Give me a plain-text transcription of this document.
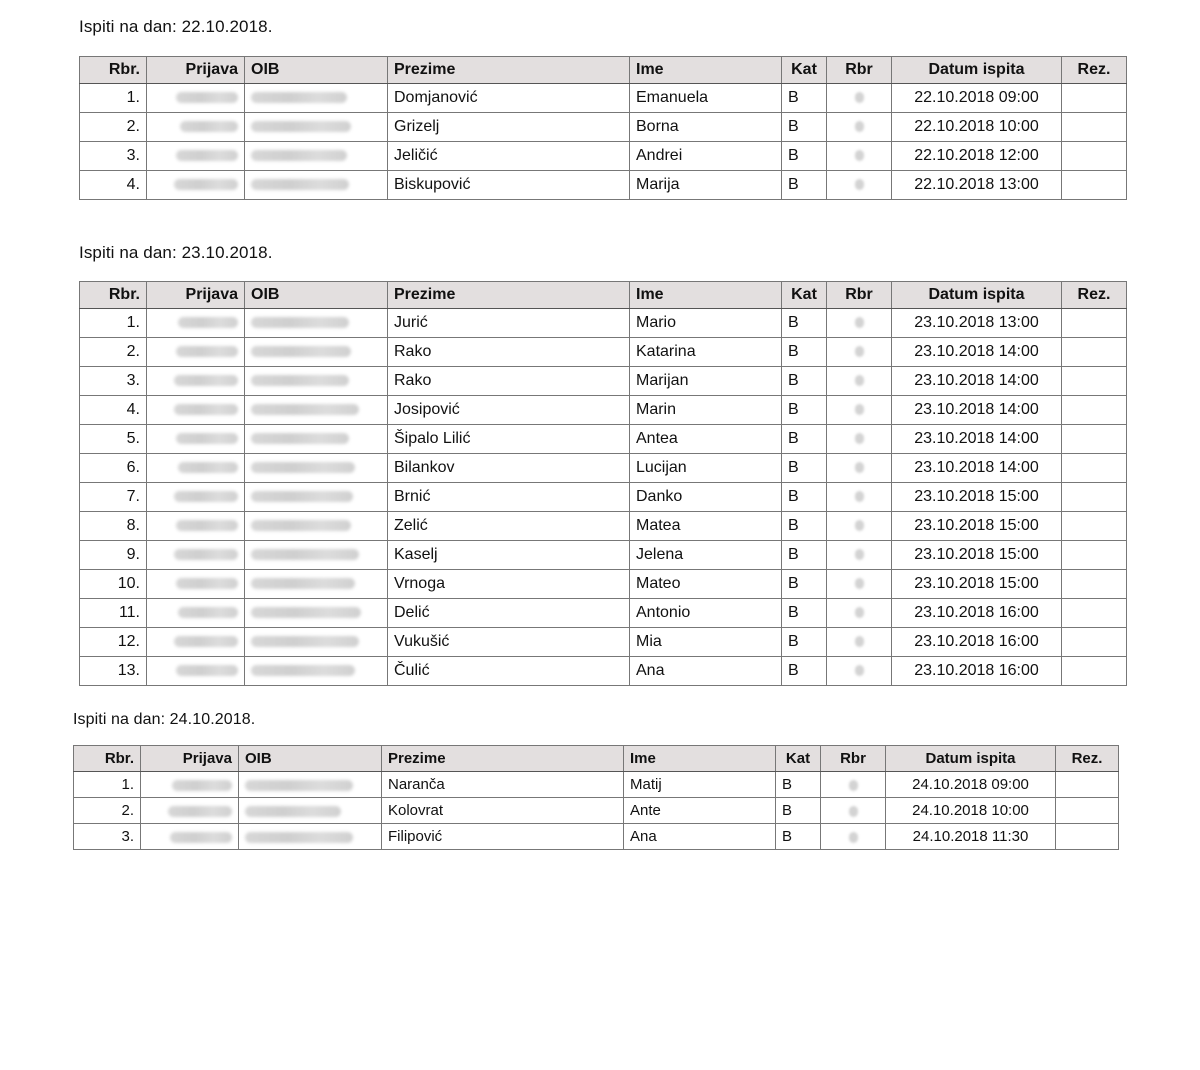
Ispiti na dan: 22.10.2018.
Rbr.	Prijava	OIB	Prezime	Ime	Kat	Rbr	Datum ispita	Rez.
1.			Domjanović	Emanuela	B		22.10.2018 09:00	
2.			Grizelj	Borna	B		22.10.2018 10:00	
3.			Jeličić	Andrei	B		22.10.2018 12:00	
4.			Biskupović	Marija	B		22.10.2018 13:00	
Ispiti na dan: 23.10.2018.
Rbr.	Prijava	OIB	Prezime	Ime	Kat	Rbr	Datum ispita	Rez.
1.			Jurić	Mario	B		23.10.2018 13:00	
2.			Rako	Katarina	B		23.10.2018 14:00	
3.			Rako	Marijan	B		23.10.2018 14:00	
4.			Josipović	Marin	B		23.10.2018 14:00	
5.			Šipalo Lilić	Antea	B		23.10.2018 14:00	
6.			Bilankov	Lucijan	B		23.10.2018 14:00	
7.			Brnić	Danko	B		23.10.2018 15:00	
8.			Zelić	Matea	B		23.10.2018 15:00	
9.			Kaselj	Jelena	B		23.10.2018 15:00	
10.			Vrnoga	Mateo	B		23.10.2018 15:00	
11.			Delić	Antonio	B		23.10.2018 16:00	
12.			Vukušić	Mia	B		23.10.2018 16:00	
13.			Čulić	Ana	B		23.10.2018 16:00	
Ispiti na dan: 24.10.2018.
Rbr.	Prijava	OIB	Prezime	Ime	Kat	Rbr	Datum ispita	Rez.
1.			Naranča	Matij	B		24.10.2018 09:00	
2.			Kolovrat	Ante	B		24.10.2018 10:00	
3.			Filipović	Ana	B		24.10.2018 11:30	
